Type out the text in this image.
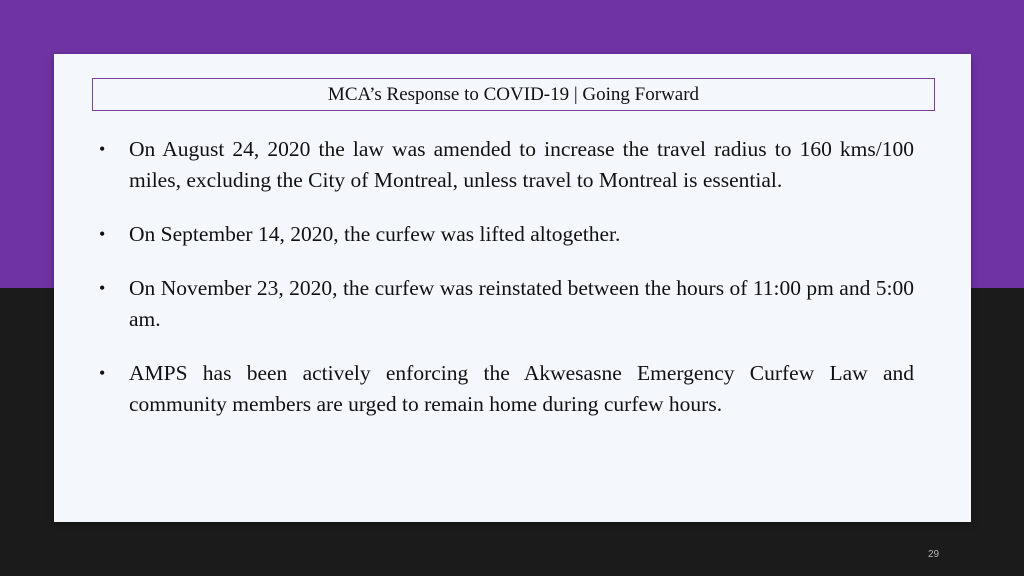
MCA’s Response to COVID-19 | Going Forward
• On August 24, 2020 the law was amended to increase the travel radius to 160 kms/100 miles, excluding the City of Montreal, unless travel to Montreal is essential.
• On September 14, 2020, the curfew was lifted altogether.
• On November 23, 2020, the curfew was reinstated between the hours of 11:00 pm and 5:00 am.
• AMPS has been actively enforcing the Akwesasne Emergency Curfew Law and community members are urged to remain home during curfew hours.
29
